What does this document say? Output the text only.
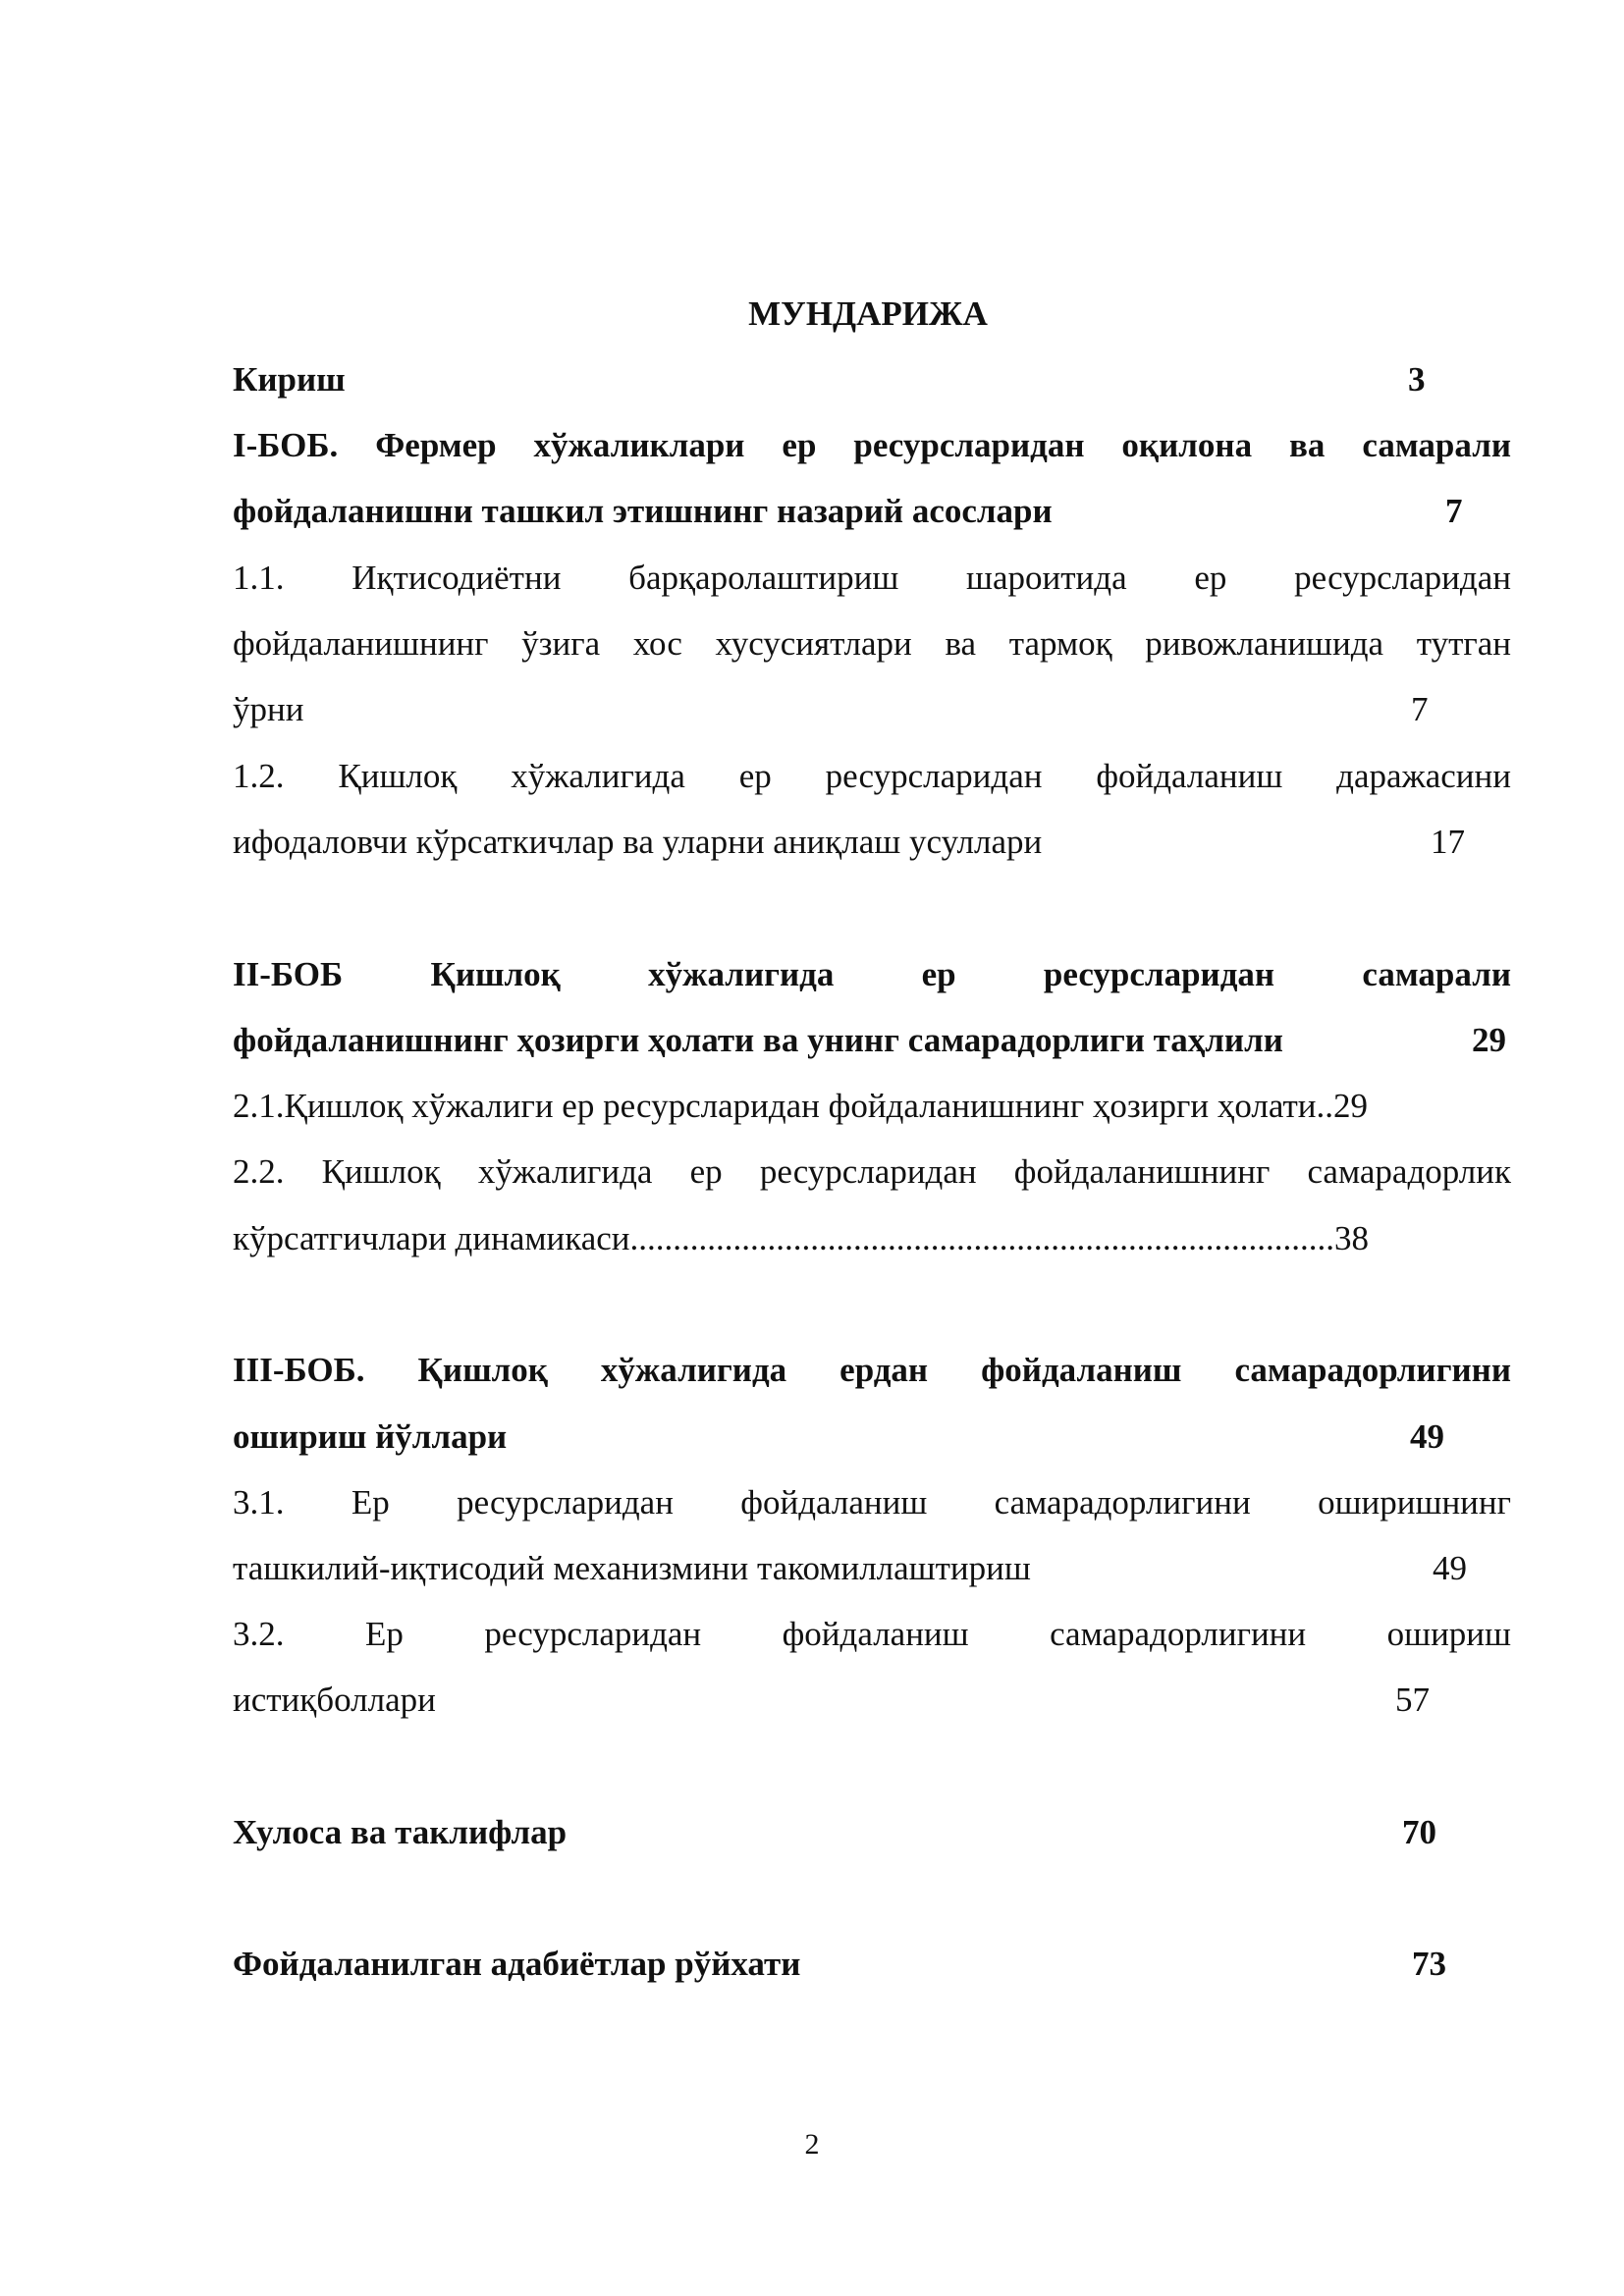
МУНДАРИЖА
Кириш	3
I-БОБ. Фермер хўжаликлари ер ресурсларидан оқилона ва самарали
фойдаланишни ташкил этишнинг назарий асослари	7
1.1. Иқтисодиётни барқаролаштириш шароитида ер ресурсларидан
фойдаланишнинг ўзига хос хусусиятлари ва тармоқ ривожланишида тутган
ўрни	7
1.2. Қишлоқ хўжалигида ер ресурсларидан фойдаланиш даражасини
ифодаловчи кўрсаткичлар ва уларни аниқлаш усуллари	17
II-БОБ Қишлоқ хўжалигида ер ресурсларидан самарали
фойдаланишнинг ҳозирги ҳолати ва унинг самарадорлиги таҳлили	29
2.1.Қишлоқ хўжалиги ер ресурсларидан фойдаланишнинг ҳозирги ҳолати..29
2.2. Қишлоқ хўжалигида ер ресурсларидан фойдаланишнинг самарадорлик
кўрсатгичлари динамикаси..................................................................................38
III-БОБ. Қишлоқ хўжалигида ердан фойдаланиш самарадорлигини
ошириш йўллари	49
3.1. Ер ресурсларидан фойдаланиш самарадорлигини оширишнинг
ташкилий-иқтисодий механизмини такомиллаштириш	49
3.2. Ер ресурсларидан фойдаланиш самарадорлигини ошириш
истиқболлари	57
Хулоса ва таклифлар	70
Фойдаланилган адабиётлар рўйхати	73
2
